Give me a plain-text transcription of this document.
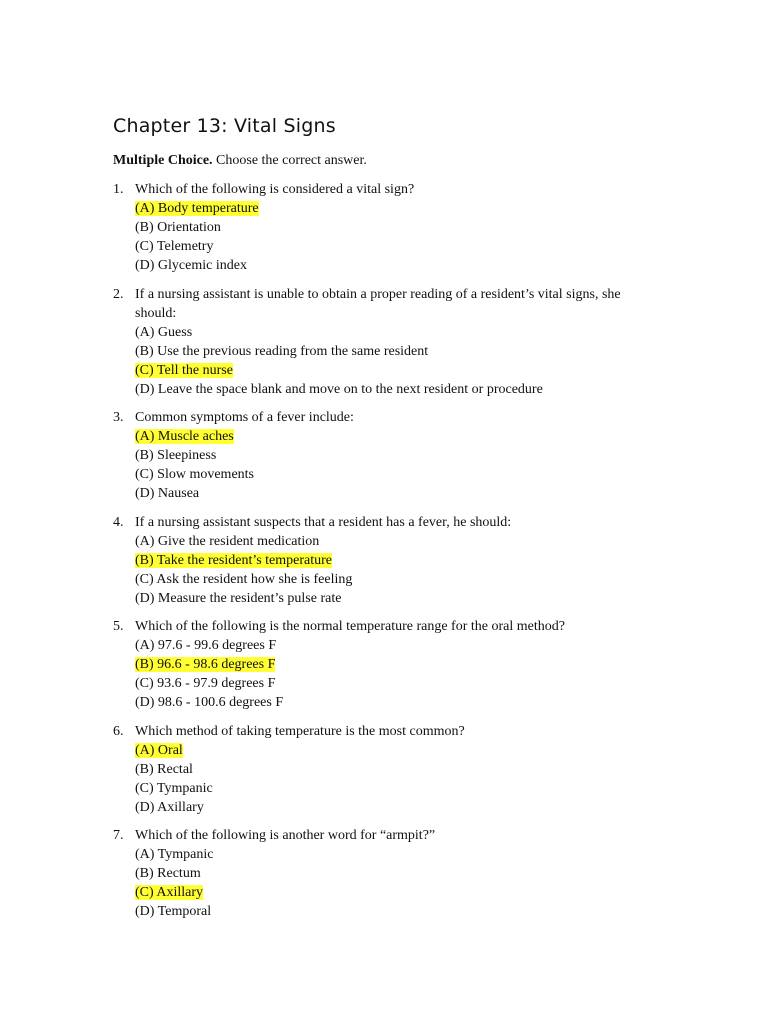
Chapter 13: Vital Signs
Multiple Choice. Choose the correct answer.
1. Which of the following is considered a vital sign?
(A) Body temperature
(B) Orientation
(C) Telemetry
(D) Glycemic index
2. If a nursing assistant is unable to obtain a proper reading of a resident’s vital signs, she should:
(A) Guess
(B) Use the previous reading from the same resident
(C) Tell the nurse
(D) Leave the space blank and move on to the next resident or procedure
3. Common symptoms of a fever include:
(A) Muscle aches
(B) Sleepiness
(C) Slow movements
(D) Nausea
4. If a nursing assistant suspects that a resident has a fever, he should:
(A) Give the resident medication
(B) Take the resident’s temperature
(C) Ask the resident how she is feeling
(D) Measure the resident’s pulse rate
5. Which of the following is the normal temperature range for the oral method?
(A) 97.6 - 99.6 degrees F
(B) 96.6 - 98.6 degrees F
(C) 93.6 - 97.9 degrees F
(D) 98.6 - 100.6 degrees F
6. Which method of taking temperature is the most common?
(A) Oral
(B) Rectal
(C) Tympanic
(D) Axillary
7. Which of the following is another word for “armpit?”
(A) Tympanic
(B) Rectum
(C) Axillary
(D) Temporal
